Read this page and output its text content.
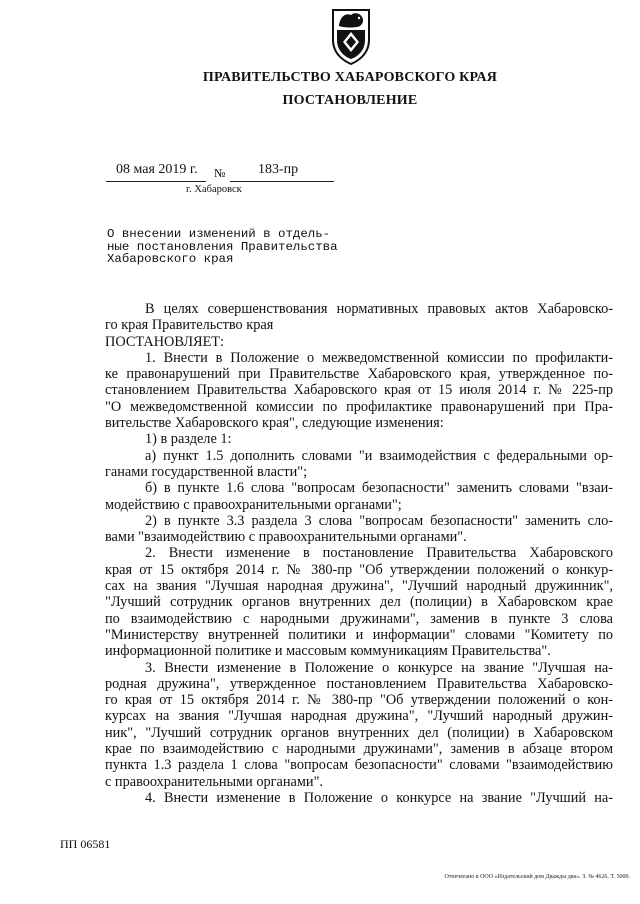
ПРАВИТЕЛЬСТВО ХАБАРОВСКОГО КРАЯ
ПОСТАНОВЛЕНИЕ
08 мая 2019 г. № 183-пр
г. Хабаровск
О внесении изменений в отдель-
ные постановления Правительства
Хабаровского края
В целях совершенствования нормативных правовых актов Хабаровско-
го края Правительство края
ПОСТАНОВЛЯЕТ:
1. Внести в Положение о межведомственной комиссии по профилакти-
ке правонарушений при Правительстве Хабаровского края, утвержденное по-
становлением Правительства Хабаровского края от 15 июля 2014 г. № 225-пр
"О межведомственной комиссии по профилактике правонарушений при Пра-
вительстве Хабаровского края", следующие изменения:
1) в разделе 1:
а) пункт 1.5 дополнить словами "и взаимодействия с федеральными ор-
ганами государственной власти";
б) в пункте 1.6 слова "вопросам безопасности" заменить словами "взаи-
модействию с правоохранительными органами";
2) в пункте 3.3 раздела 3 слова "вопросам безопасности" заменить сло-
вами "взаимодействию с правоохранительными органами".
2. Внести изменение в постановление Правительства Хабаровского
края от 15 октября 2014 г. № 380-пр "Об утверждении положений о конкур-
сах на звания "Лучшая народная дружина", "Лучший народный дружинник",
"Лучший сотрудник органов внутренних дел (полиции) в Хабаровском крае
по взаимодействию с народными дружинами", заменив в пункте 3 слова
"Министерству внутренней политики и информации" словами "Комитету по
информационной политике и массовым коммуникациям Правительства".
3. Внести изменение в Положение о конкурсе на звание "Лучшая на-
родная дружина", утвержденное постановлением Правительства Хабаровско-
го края от 15 октября 2014 г. № 380-пр "Об утверждении положений о кон-
курсах на звания "Лучшая народная дружина", "Лучший народный дружин-
ник", "Лучший сотрудник органов внутренних дел (полиции) в Хабаровском
крае по взаимодействию с народными дружинами", заменив в абзаце втором
пункта 1.3 раздела 1 слова "вопросам безопасности" словами "взаимодействию
с правоохранительными органами".
4. Внести изменение в Положение о конкурсе на звание "Лучший на-
ПП 06581
Отпечатано в ООО «Издательский дом Дважды два». З. № 4626. Т. 5000.
